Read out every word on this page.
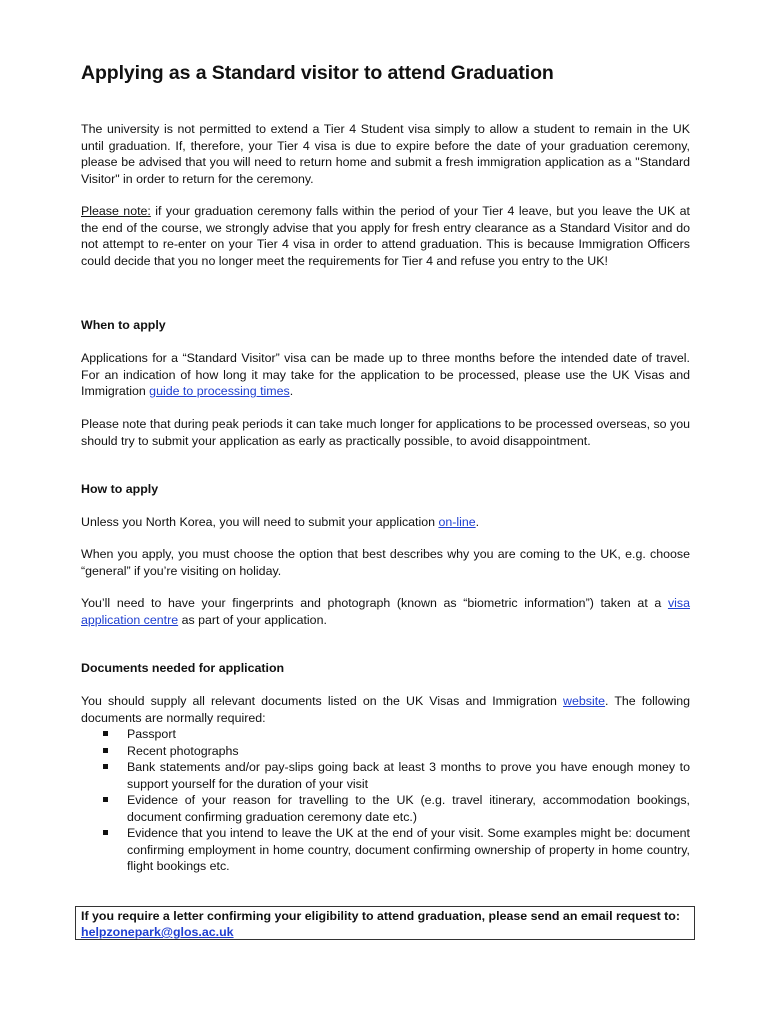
Applying as a Standard visitor to attend Graduation

The university is not permitted to extend a Tier 4 Student visa simply to allow a student to remain in the UK until graduation. If, therefore, your Tier 4 visa is due to expire before the date of your graduation ceremony, please be advised that you will need to return home and submit a fresh immigration application as a "Standard Visitor" in order to return for the ceremony.

Please note: if your graduation ceremony falls within the period of your Tier 4 leave, but you leave the UK at the end of the course, we strongly advise that you apply for fresh entry clearance as a Standard Visitor and do not attempt to re-enter on your Tier 4 visa in order to attend graduation. This is because Immigration Officers could decide that you no longer meet the requirements for Tier 4 and refuse you entry to the UK!

When to apply

Applications for a “Standard Visitor” visa can be made up to three months before the intended date of travel. For an indication of how long it may take for the application to be processed, please use the UK Visas and Immigration guide to processing times.

Please note that during peak periods it can take much longer for applications to be processed overseas, so you should try to submit your application as early as practically possible, to avoid disappointment.

How to apply

Unless you North Korea, you will need to submit your application on-line.

When you apply, you must choose the option that best describes why you are coming to the UK, e.g. choose “general” if you’re visiting on holiday.

You’ll need to have your fingerprints and photograph (known as “biometric information”) taken at a visa application centre as part of your application.

Documents needed for application

You should supply all relevant documents listed on the UK Visas and Immigration website. The following documents are normally required:

Passport
Recent photographs
Bank statements and/or pay-slips going back at least 3 months to prove you have enough money to support yourself for the duration of your visit
Evidence of your reason for travelling to the UK (e.g. travel itinerary, accommodation bookings, document confirming graduation ceremony date etc.)
Evidence that you intend to leave the UK at the end of your visit. Some examples might be: document confirming employment in home country, document confirming ownership of property in home country, flight bookings etc.
If you require a letter confirming your eligibility to attend graduation, please send an email request to:
helpzonepark@glos.ac.uk
